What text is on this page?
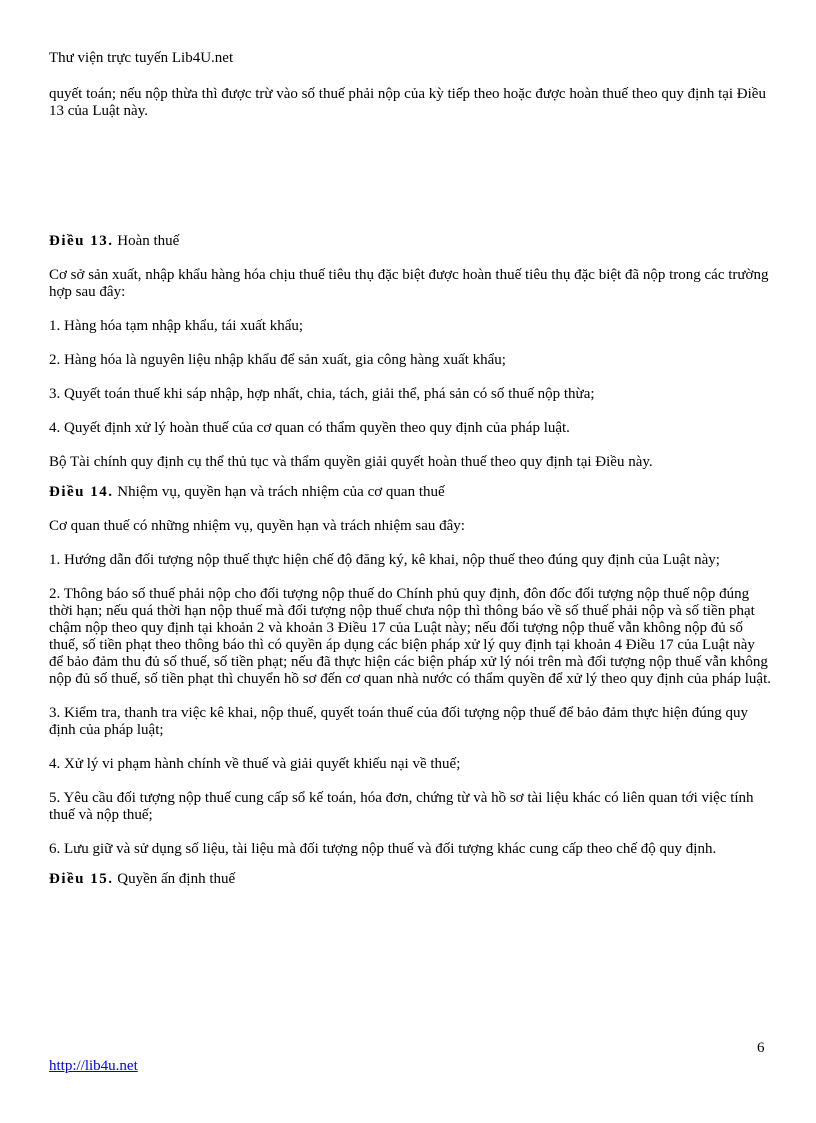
Thư viện trực tuyến Lib4U.net

quyết toán; nếu nộp thừa thì được trừ vào số thuế phải nộp của kỳ tiếp theo hoặc được hoàn thuế theo quy định tại Điều 13 của Luật này.

Điều 13. Hoàn thuế

Cơ sở sản xuất, nhập khẩu hàng hóa chịu thuế tiêu thụ đặc biệt được hoàn thuế tiêu thụ đặc biệt đã nộp trong các trường hợp sau đây:

1. Hàng hóa tạm nhập khẩu, tái xuất khẩu;

2. Hàng hóa là nguyên liệu nhập khẩu để sản xuất, gia công hàng xuất khẩu;

3. Quyết toán thuế khi sáp nhập, hợp nhất, chia, tách, giải thể, phá sản có số thuế nộp thừa;

4. Quyết định xử lý hoàn thuế của cơ quan có thẩm quyền theo quy định của pháp luật.

Bộ Tài chính quy định cụ thể thủ tục và thẩm quyền giải quyết hoàn thuế theo quy định tại Điều này.

Điều 14. Nhiệm vụ, quyền hạn và trách nhiệm của cơ quan thuế

Cơ quan thuế có những nhiệm vụ, quyền hạn và trách nhiệm sau đây:

1. Hướng dẫn đối tượng nộp thuế thực hiện chế độ đăng ký, kê khai, nộp thuế theo đúng quy định của Luật này;

2. Thông báo số thuế phải nộp cho đối tượng nộp thuế do Chính phủ quy định, đôn đốc đối tượng nộp thuế nộp đúng thời hạn; nếu quá thời hạn nộp thuế mà đối tượng nộp thuế chưa nộp thì thông báo về số thuế phải nộp và số tiền phạt chậm nộp theo quy định tại khoản 2 và khoản 3 Điều 17 của Luật này; nếu đối tượng nộp thuế vẫn không nộp đủ số thuế, số tiền phạt theo thông báo thì có quyền áp dụng các biện pháp xử lý quy định tại khoản 4 Điều 17 của Luật này để bảo đảm thu đủ số thuế, số tiền phạt; nếu đã thực hiện các biện pháp xử lý nói trên mà đối tượng nộp thuế vẫn không nộp đủ số thuế, số tiền phạt thì chuyển hồ sơ đến cơ quan nhà nước có thẩm quyền để xử lý theo quy định của pháp luật.

3. Kiểm tra, thanh tra việc kê khai, nộp thuế, quyết toán thuế của đối tượng nộp thuế để bảo đảm thực hiện đúng quy định của pháp luật;

4. Xử lý vi phạm hành chính về thuế và giải quyết khiếu nại về thuế;

5. Yêu cầu đối tượng nộp thuế cung cấp sổ kế toán, hóa đơn, chứng từ và hồ sơ tài liệu khác có liên quan tới việc tính thuế và nộp thuế;

6. Lưu giữ và sử dụng số liệu, tài liệu mà đối tượng nộp thuế và đối tượng khác cung cấp theo chế độ quy định.

Điều 15. Quyền ấn định thuế

6
http://lib4u.net
